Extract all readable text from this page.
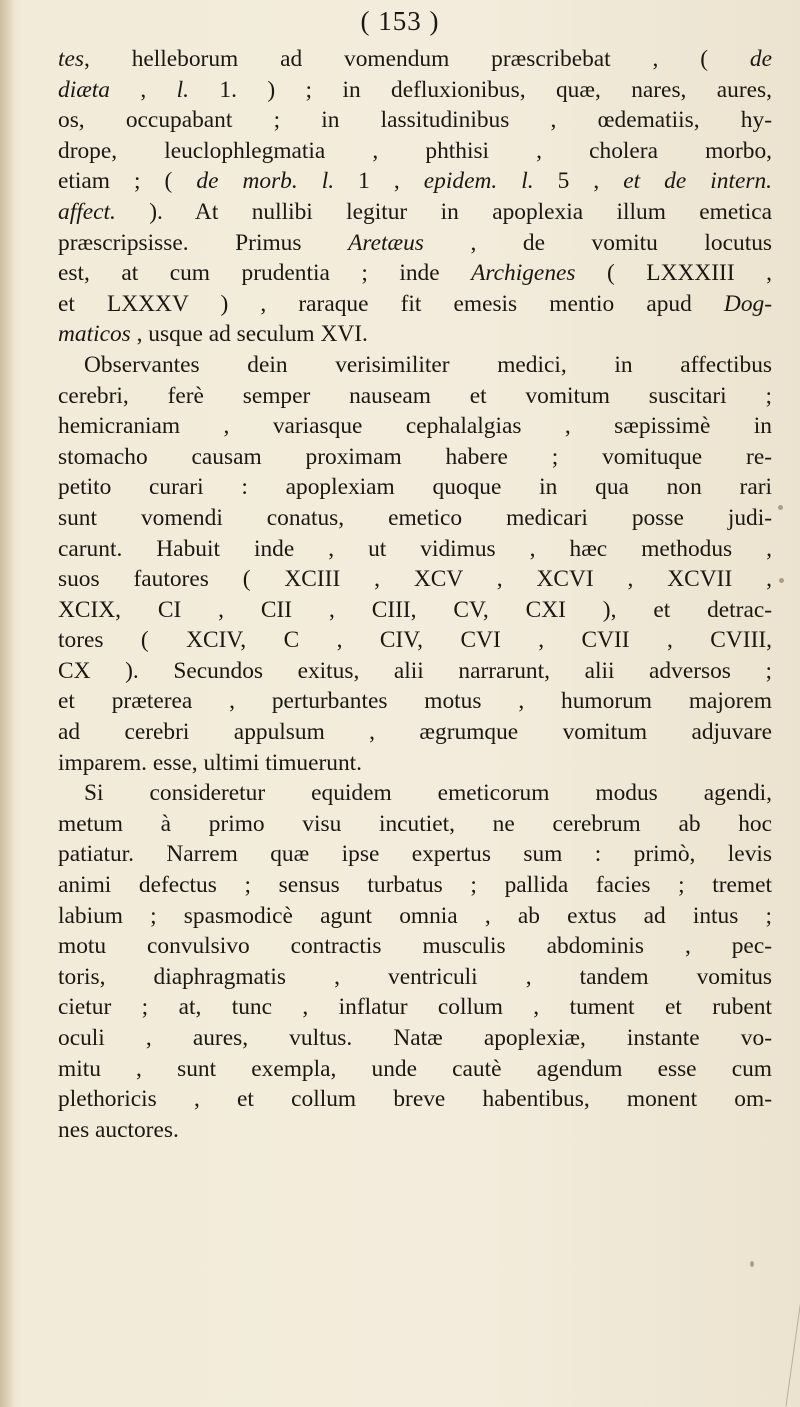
( 153 )
tes, helleborum ad vomendum præscribebat , ( de
diæta , l. 1. ) ; in defluxionibus, quæ, nares, aures,
os, occupabant ; in lassitudinibus , œdematiis, hy-
drope, leuclophlegmatia , phthisi , cholera morbo,
etiam ; ( de morb. l. 1 , epidem. l. 5 , et de intern.
affect. ). At nullibi legitur in apoplexia illum emetica
præscripsisse. Primus Aretæus , de vomitu locutus
est, at cum prudentia ; inde Archigenes ( LXXXIII ,
et LXXXV ) , raraque fit emesis mentio apud Dog-
maticos , usque ad seculum XVI.
Observantes dein verisimiliter medici, in affectibus
cerebri, ferè semper nauseam et vomitum suscitari ;
hemicraniam , variasque cephalalgias , sæpissimè in
stomacho causam proximam habere ; vomituque re-
petito curari : apoplexiam quoque in qua non rari
sunt vomendi conatus, emetico medicari posse judi-
carunt. Habuit inde , ut vidimus , hæc methodus ,
suos fautores ( XCIII , XCV , XCVI , XCVII ,
XCIX, CI , CII , CIII, CV, CXI ), et detrac-
tores ( XCIV, C , CIV, CVI , CVII , CVIII,
CX ). Secundos exitus, alii narrarunt, alii adversos ;
et præterea , perturbantes motus , humorum majorem
ad cerebri appulsum , ægrumque vomitum adjuvare
imparem. esse, ultimi timuerunt.
Si consideretur equidem emeticorum modus agendi,
metum à primo visu incutiet, ne cerebrum ab hoc
patiatur. Narrem quæ ipse expertus sum : primò, levis
animi defectus ; sensus turbatus ; pallida facies ; tremet
labium ; spasmodicè agunt omnia , ab extus ad intus ;
motu convulsivo contractis musculis abdominis , pec-
toris, diaphragmatis , ventriculi , tandem vomitus
cietur ; at, tunc , inflatur collum , tument et rubent
oculi , aures, vultus. Natæ apoplexiæ, instante vo-
mitu , sunt exempla, unde cautè agendum esse cum
plethoricis , et collum breve habentibus, monent om-
nes auctores.
